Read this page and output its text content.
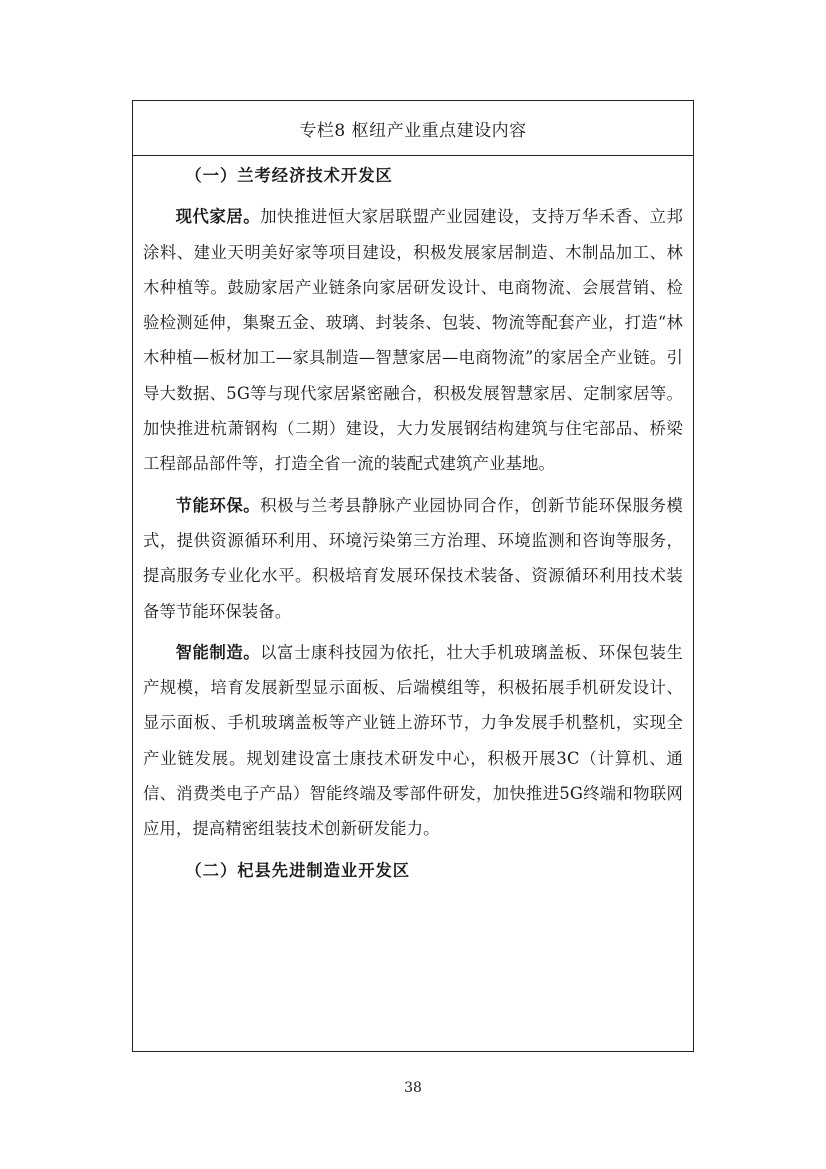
专栏8 枢纽产业重点建设内容

（一）兰考经济技术开发区

现代家居。加快推进恒大家居联盟产业园建设，支持万华禾香、立邦涂料、建业天明美好家等项目建设，积极发展家居制造、木制品加工、林木种植等。鼓励家居产业链条向家居研发设计、电商物流、会展营销、检验检测延伸，集聚五金、玻璃、封装条、包装、物流等配套产业，打造“林木种植—板材加工—家具制造—智慧家居—电商物流”的家居全产业链。引导大数据、5G等与现代家居紧密融合，积极发展智慧家居、定制家居等。加快推进杭萧钢构（二期）建设，大力发展钢结构建筑与住宅部品、桥梁工程部品部件等，打造全省一流的装配式建筑产业基地。

节能环保。积极与兰考县静脉产业园协同合作，创新节能环保服务模式，提供资源循环利用、环境污染第三方治理、环境监测和咨询等服务，提高服务专业化水平。积极培育发展环保技术装备、资源循环利用技术装备等节能环保装备。

智能制造。以富士康科技园为依托，壮大手机玻璃盖板、环保包装生产规模，培育发展新型显示面板、后端模组等，积极拓展手机研发设计、显示面板、手机玻璃盖板等产业链上游环节，力争发展手机整机，实现全产业链发展。规划建设富士康技术研发中心，积极开展3C（计算机、通信、消费类电子产品）智能终端及零部件研发，加快推进5G终端和物联网应用，提高精密组装技术创新研发能力。

（二）杞县先进制造业开发区

38
